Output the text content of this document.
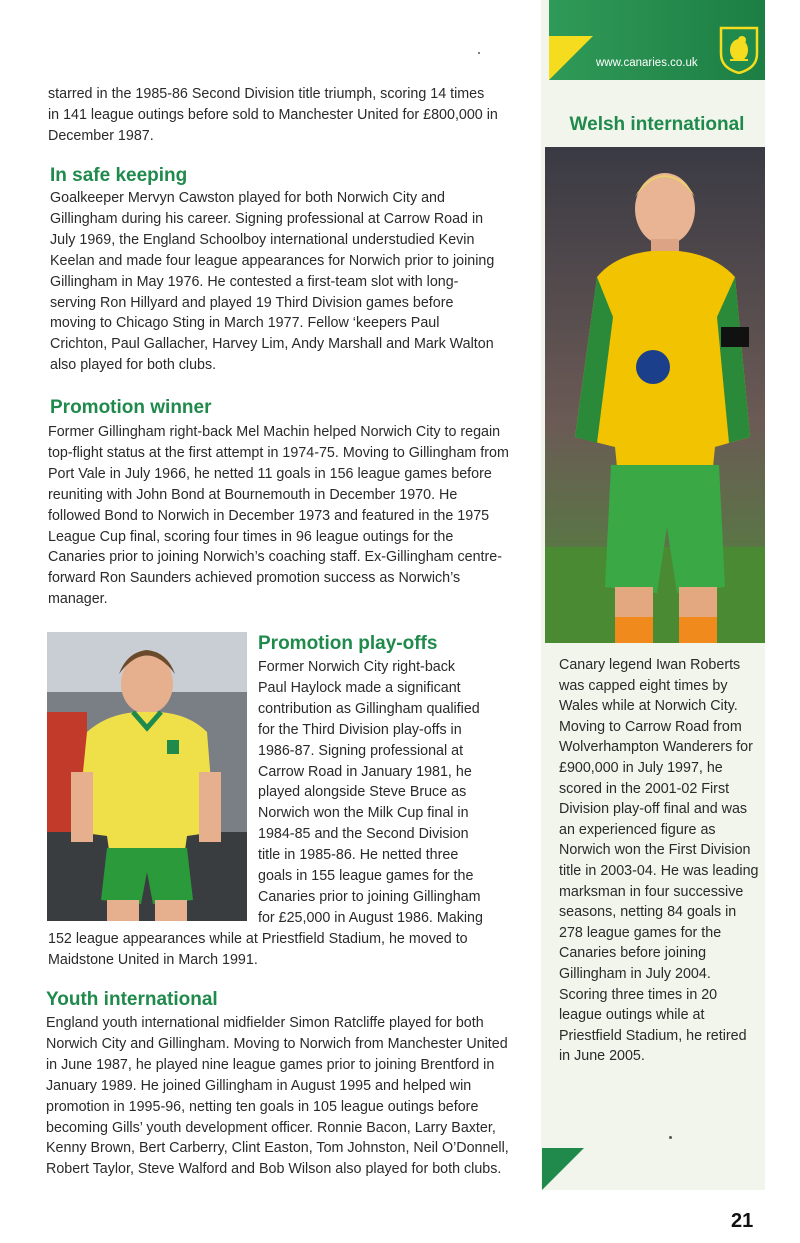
www.canaries.co.uk
Welsh international

Canary legend Iwan Roberts was capped eight times by Wales while at Norwich City. Moving to Carrow Road from Wolverhampton Wanderers for £900,000 in July 1997, he scored in the 2001-02 First Division play-off final and was an experienced figure as Norwich won the First Division title in 2003-04. He was leading marksman in four successive seasons, netting 84 goals in 278 league games for the Canaries before joining Gillingham in July 2004. Scoring three times in 20 league outings while at Priestfield Stadium, he retired in June 2005.

starred in the 1985-86 Second Division title triumph, scoring 14 times in 141 league outings before sold to Manchester United for £800,000 in December 1987.

In safe keeping

Goalkeeper Mervyn Cawston played for both Norwich City and Gillingham during his career. Signing professional at Carrow Road in July 1969, the England Schoolboy international understudied Kevin Keelan and made four league appearances for Norwich prior to joining Gillingham in May 1976. He contested a first-team slot with long-serving Ron Hillyard and played 19 Third Division games before moving to Chicago Sting in March 1977. Fellow ‘keepers Paul Crichton, Paul Gallacher, Harvey Lim, Andy Marshall and Mark Walton also played for both clubs.

Promotion winner

Former Gillingham right-back Mel Machin helped Norwich City to regain top-flight status at the first attempt in 1974-75. Moving to Gillingham from Port Vale in July 1966, he netted 11 goals in 156 league games before reuniting with John Bond at Bournemouth in December 1970. He followed Bond to Norwich in December 1973 and featured in the 1975 League Cup final, scoring four times in 96 league outings for the Canaries prior to joining Norwich’s coaching staff. Ex-Gillingham centre-forward Ron Saunders achieved promotion success as Norwich’s manager.

Promotion play-offs
Former Norwich City right-back
Paul Haylock made a significant
contribution as Gillingham qualified
for the Third Division play-offs in
1986-87. Signing professional at
Carrow Road in January 1981, he
played alongside Steve Bruce as
Norwich won the Milk Cup final in
1984-85 and the Second Division
title in 1985-86. He netted three
goals in 155 league games for the
Canaries prior to joining Gillingham
for £25,000 in August 1986. Making

152 league appearances while at Priestfield Stadium, he moved to Maidstone United in March 1991.

Youth international

England youth international midfielder Simon Ratcliffe played for both Norwich City and Gillingham. Moving to Norwich from Manchester United in June 1987, he played nine league games prior to joining Brentford in January 1989. He joined Gillingham in August 1995 and helped win promotion in 1995-96, netting ten goals in 105 league outings before becoming Gills’ youth development officer. Ronnie Bacon, Larry Baxter, Kenny Brown, Bert Carberry, Clint Easton, Tom Johnston, Neil O’Donnell, Robert Taylor, Steve Walford and Bob Wilson also played for both clubs.

21
